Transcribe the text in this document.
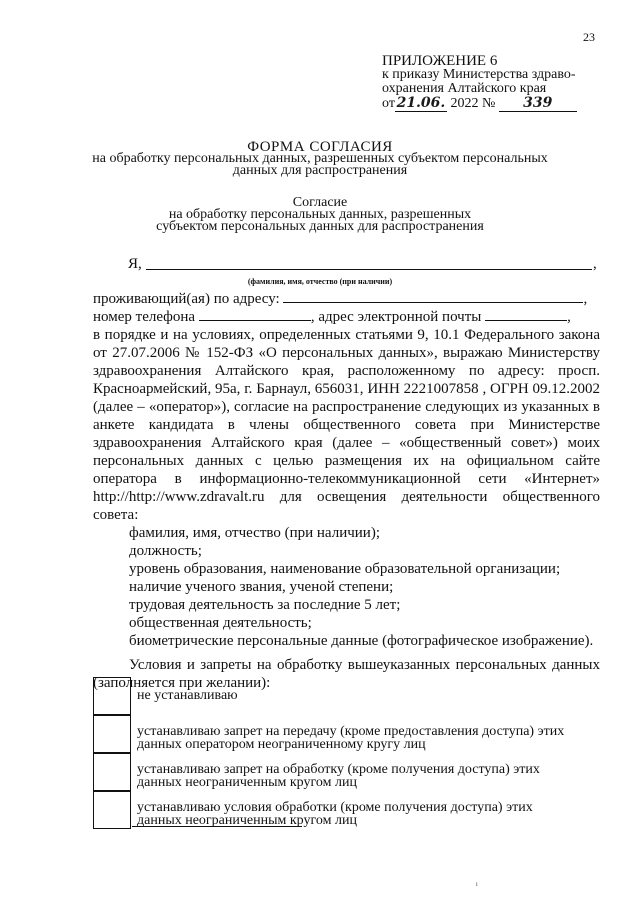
23
ПРИЛОЖЕНИЕ 6
к приказу Министерства здраво-
охранения Алтайского края
от 21.06. 2022 № 339
ФОРМА СОГЛАСИЯ
на обработку персональных данных, разрешенных субъектом персональных
данных для распространения
Согласие
на обработку персональных данных, разрешенных
субъектом персональных данных для распространения
Я,	,
(фамилия, имя, отчество (при наличии)

проживающий(ая) по адресу:	,

номер телефона	, адрес электронной почты	,

в порядке и на условиях, определенных статьями 9, 10.1 Федерального закона от 27.07.2006 № 152-ФЗ «О персональных данных», выражаю Министерству здравоохранения Алтайского края, расположенному по адресу: просп. Красноармейский, 95а, г. Барнаул, 656031, ИНН 2221007858 , ОГРН 09.12.2002 (далее – «оператор»), согласие на распространение следующих из указанных в анкете кандидата в члены общественного совета при Министерстве здравоохранения Алтайского края (далее – «общественный совет») моих персональных данных с целью размещения их на официальном сайте оператора в информационно-телекоммуникационной сети «Интернет» http://http://www.zdravalt.ru для освещения деятельности общественного совета:

фамилия, имя, отчество (при наличии);

должность;

уровень образования, наименование образовательной организации;

наличие ученого звания, ученой степени;

трудовая деятельность за последние 5 лет;

общественная деятельность;

биометрические персональные данные (фотографическое изображение).

Условия и запреты на обработку вышеуказанных персональных данных (заполняется при желании):

не устанавливаю
устанавливаю запрет на передачу (кроме предоставления доступа) этих данных оператором неограниченному кругу лиц
устанавливаю запрет на обработку (кроме получения доступа) этих данных неограниченным кругом лиц
устанавливаю условия обработки (кроме получения доступа) этих данных неограниченным кругом лиц
ᵢ
